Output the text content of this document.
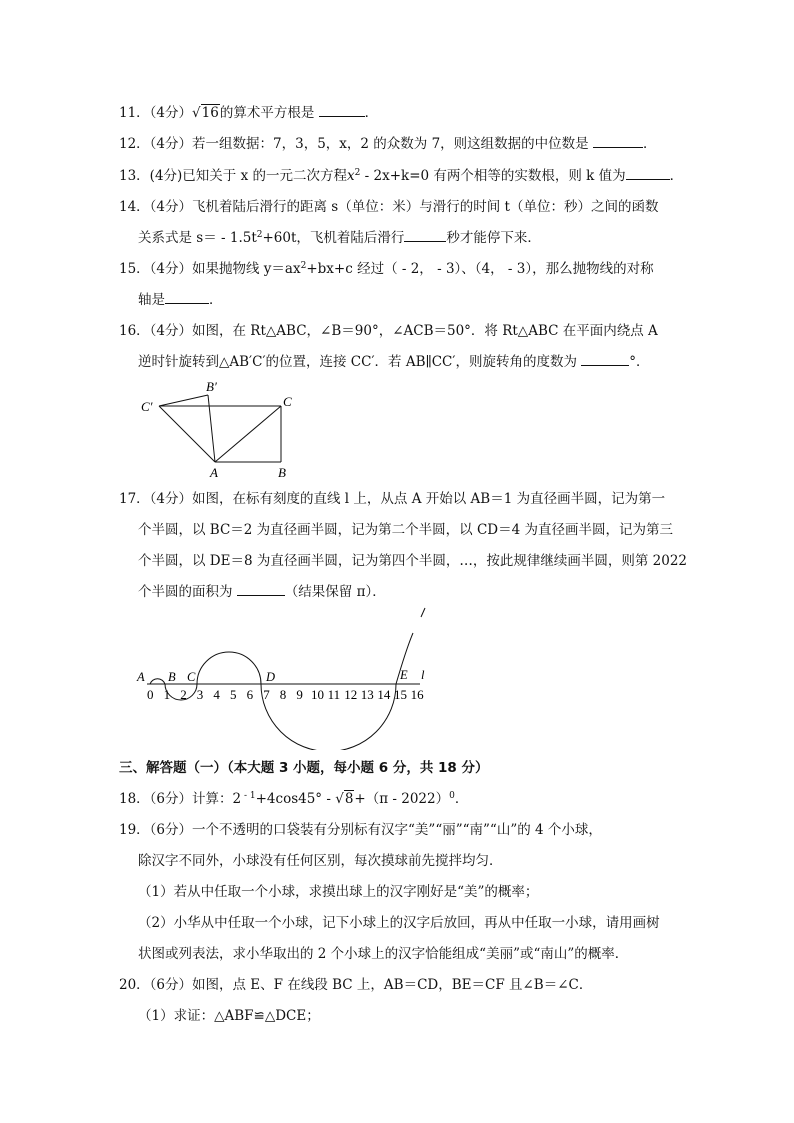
11．（4分）√16的算术平方根是	．
12．（4分）若一组数据：7，3，5，x，2 的众数为 7，则这组数据的中位数是	．
13．(4分)已知关于 x 的一元二次方程$x^2 - 2x+k=0$ 有两个相等的实数根，则 k 值为	．
14．（4分）飞机着陆后滑行的距离 s（单位：米）与滑行的时间 t（单位：秒）之间的函数
关系式是 $s= - 1.5t^2+60t$，飞机着陆后滑行	秒才能停下来．
15．（4分）如果抛物线 $y=ax^2+bx+c$ 经过（ - 2， - 3）、（4， - 3），那么抛物线的对称
轴是	．
16．（4分）如图，在 Rt△ABC，∠B＝90°，∠ACB＝50°．将 Rt△ABC 在平面内绕点 A
逆时针旋转到△AB′C′的位置，连接 CC′．若 AB∥CC′，则旋转角的度数为	°．
B′
C′	C
A	B
17．（4分）如图，在标有刻度的直线 l 上，从点 A 开始以 AB＝1 为直径画半圆，记为第一
个半圆，以 BC＝2 为直径画半圆，记为第二个半圆，以 CD＝4 为直径画半圆，记为第三
个半圆，以 DE＝8 为直径画半圆，记为第四个半圆，…，按此规律继续画半圆，则第 2022
个半圆的面积为	（结果保留 π）．
A B C	D	E l
0 1 2 3 4 5 6 7 8 9 10 11 12 13 14 15 16
三、解答题（一）（本大题 3 小题，每小题 6 分，共 18 分）
18．（6分）计算：2 $^{- 1}$+4cos45° - √8+（π - 2022）$^0$．
19．（6分）一个不透明的口袋装有分别标有汉字“美”“丽”“南”“山”的 4 个小球，
除汉字不同外，小球没有任何区别，每次摸球前先搅拌均匀．
（1）若从中任取一个小球，求摸出球上的汉字刚好是“美”的概率；
（2）小华从中任取一个小球，记下小球上的汉字后放回，再从中任取一小球，请用画树
状图或列表法，求小华取出的 2 个小球上的汉字恰能组成“美丽”或“南山”的概率．
20．（6分）如图，点 E、F 在线段 BC 上，AB＝CD，BE＝CF 且∠B＝∠C．
（1）求证：△ABF≌△DCE；
